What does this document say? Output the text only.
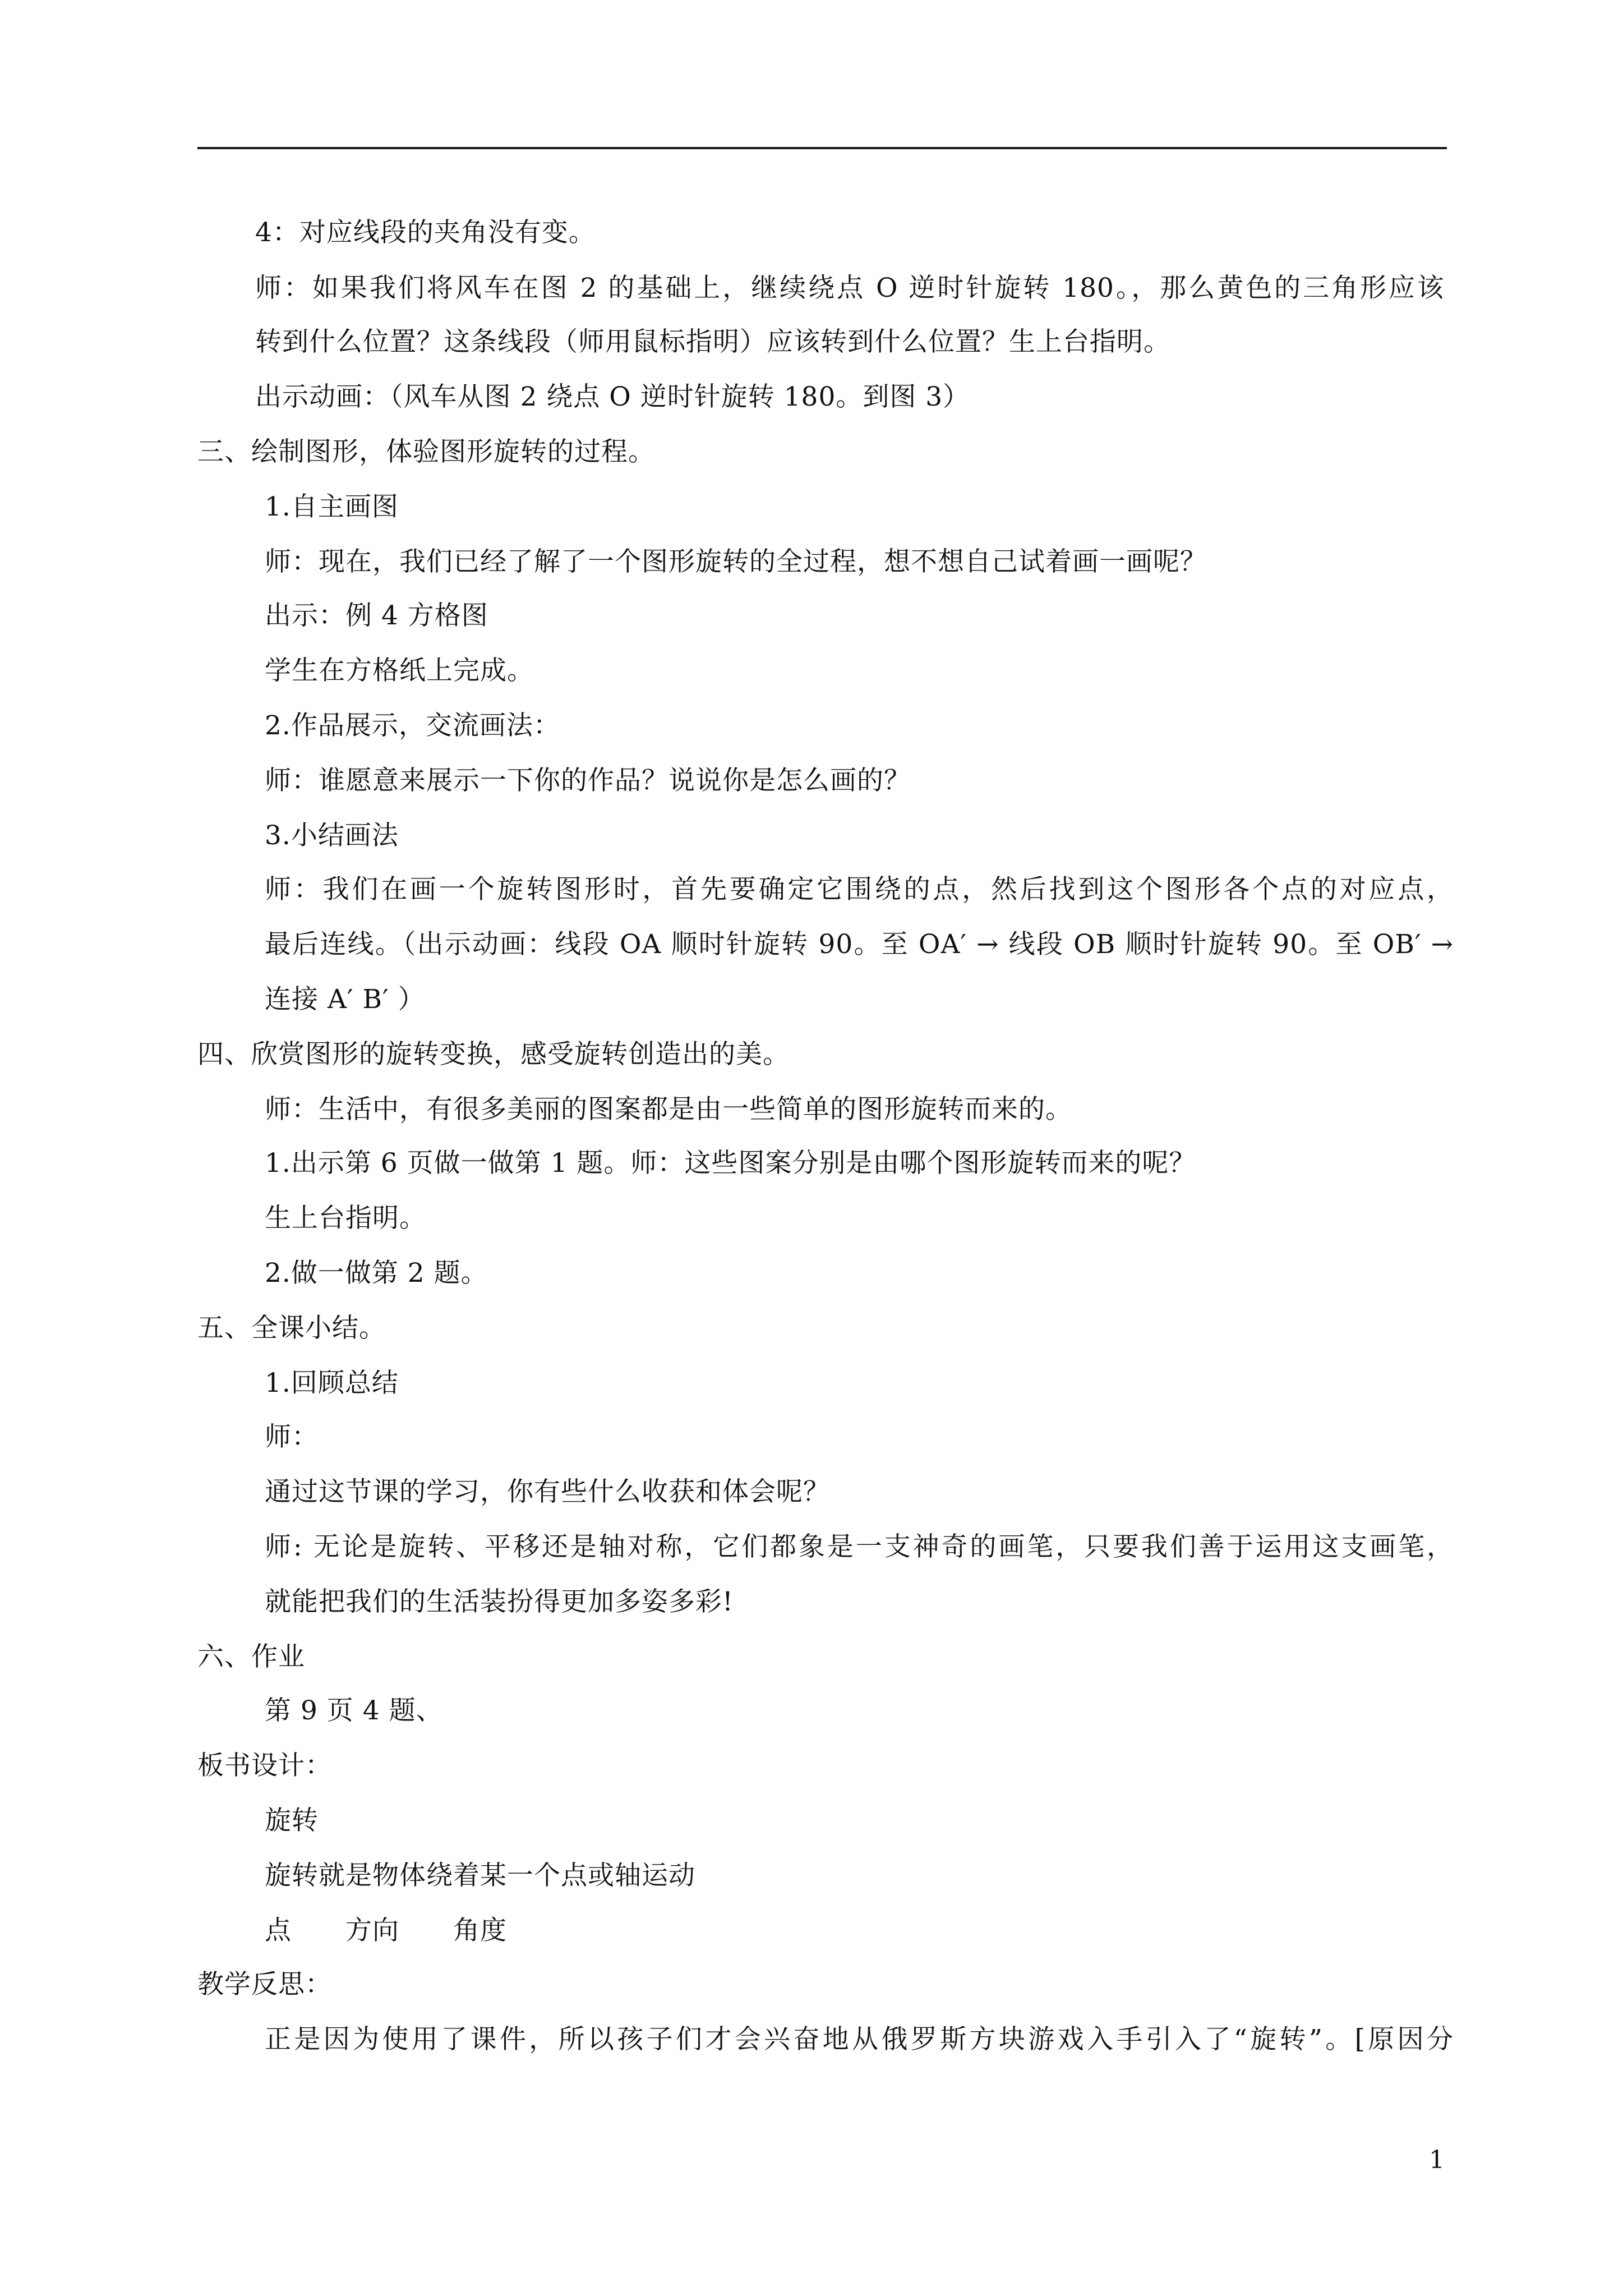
4：对应线段的夹角没有变。
师：如果我们将风车在图 2 的基础上，继续绕点 O 逆时针旋转 180。，那么黄色的三角形应该
转到什么位置？这条线段（师用鼠标指明）应该转到什么位置？生上台指明。
出示动画：（风车从图 2 绕点 O 逆时针旋转 180。到图 3）
三、绘制图形，体验图形旋转的过程。
1.自主画图
师：现在，我们已经了解了一个图形旋转的全过程，想不想自己试着画一画呢？
出示：例 4 方格图
学生在方格纸上完成。
2.作品展示，交流画法：
师：谁愿意来展示一下你的作品？说说你是怎么画的？
3.小结画法
师：我们在画一个旋转图形时，首先要确定它围绕的点，然后找到这个图形各个点的对应点，
最后连线。（出示动画：线段 OA 顺时针旋转 90。至 OA′ → 线段 OB 顺时针旋转 90。至 OB′ →
连接 A′ B′ ）
四、欣赏图形的旋转变换，感受旋转创造出的美。
师：生活中，有很多美丽的图案都是由一些简单的图形旋转而来的。
1.出示第 6 页做一做第 1 题。师：这些图案分别是由哪个图形旋转而来的呢？
生上台指明。
2.做一做第 2 题。
五、全课小结。
1.回顾总结
师：
通过这节课的学习，你有些什么收获和体会呢？
师: 无论是旋转、平移还是轴对称，它们都象是一支神奇的画笔，只要我们善于运用这支画笔，
就能把我们的生活装扮得更加多姿多彩!
六、作业
第 9 页 4 题、
板书设计：
旋转
旋转就是物体绕着某一个点或轴运动
点 方向 角度
教学反思：
正是因为使用了课件，所以孩子们才会兴奋地从俄罗斯方块游戏入手引入了“旋转”。[原因分
1
